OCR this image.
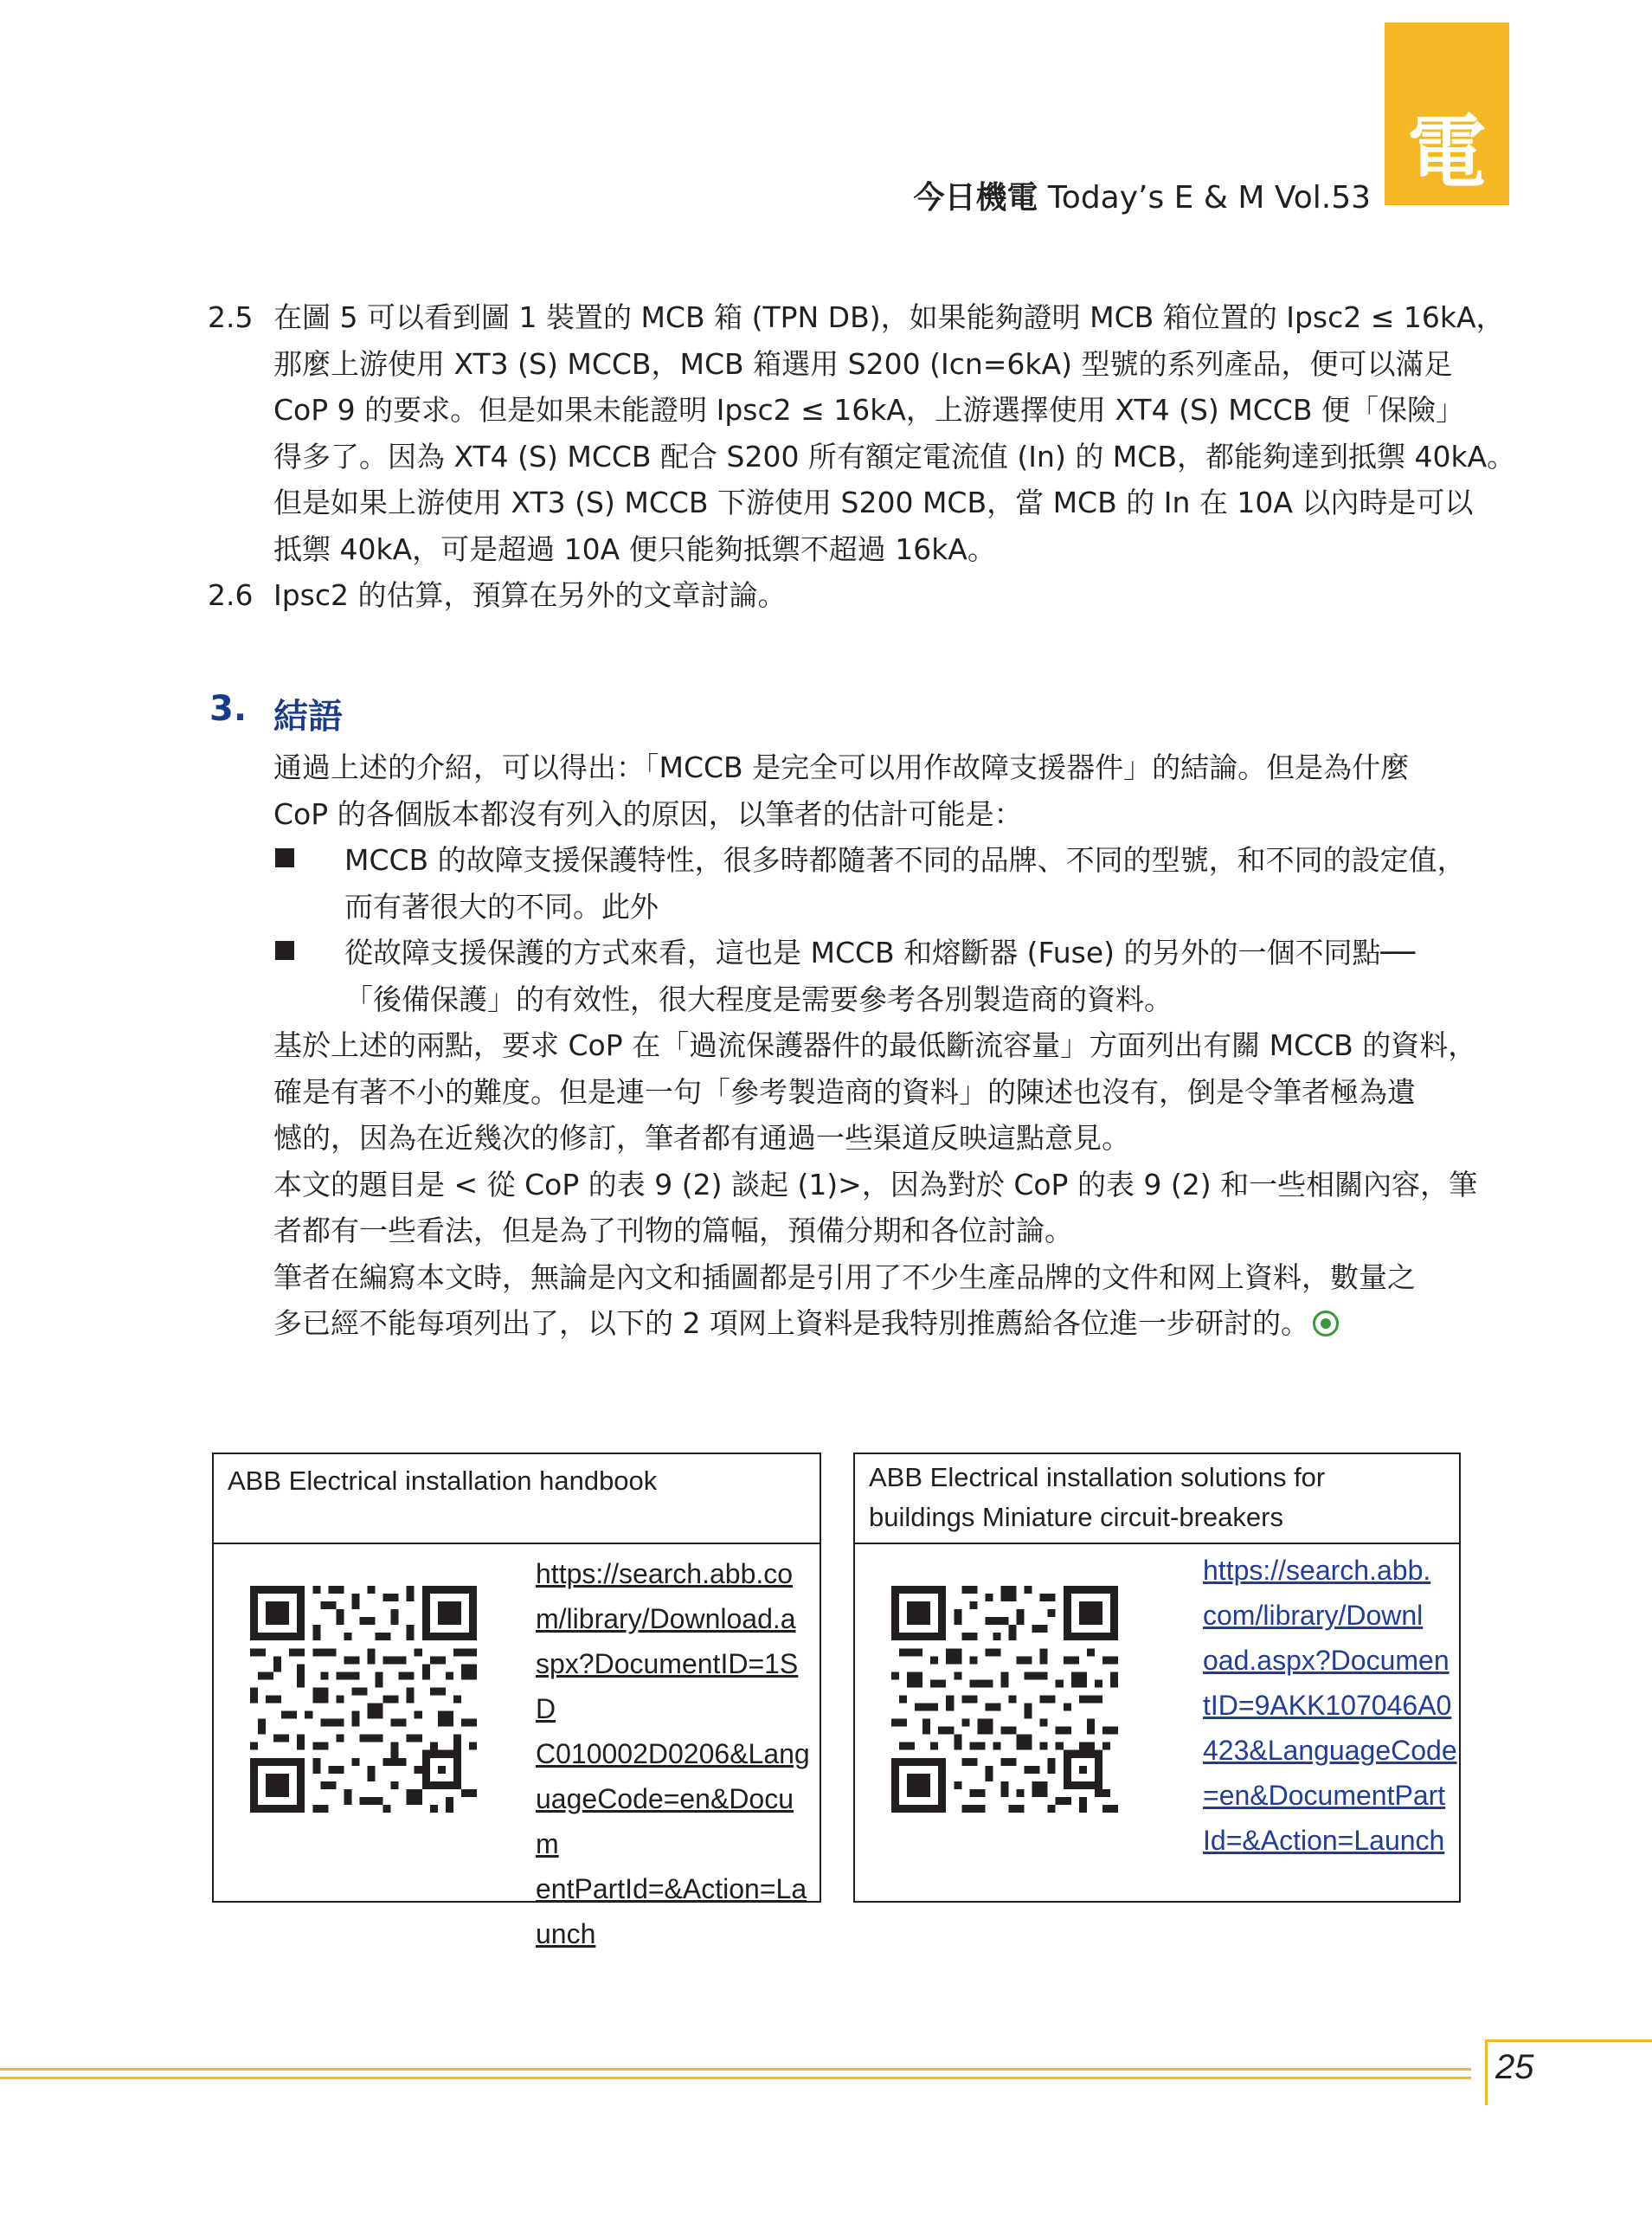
電
今日機電 Today’s E & M Vol.53
2.5 在圖 5 可以看到圖 1 裝置的 MCB 箱 (TPN DB)，如果能夠證明 MCB 箱位置的 Ipsc2 ≤ 16kA，
那麼上游使用 XT3 (S) MCCB，MCB 箱選用 S200 (Icn=6kA) 型號的系列產品，便可以滿足
CoP 9 的要求。但是如果未能證明 Ipsc2 ≤ 16kA，上游選擇使用 XT4 (S) MCCB 便「保險」
得多了。因為 XT4 (S) MCCB 配合 S200 所有額定電流值 (In) 的 MCB，都能夠達到抵禦 40kA。
但是如果上游使用 XT3 (S) MCCB 下游使用 S200 MCB，當 MCB 的 In 在 10A 以內時是可以
抵禦 40kA，可是超過 10A 便只能夠抵禦不超過 16kA。
2.6 Ipsc2 的估算，預算在另外的文章討論。
3. 結語
通過上述的介紹，可以得出：「MCCB 是完全可以用作故障支援器件」的結論。但是為什麼
CoP 的各個版本都沒有列入的原因，以筆者的估計可能是：
MCCB 的故障支援保護特性，很多時都隨著不同的品牌、不同的型號，和不同的設定值，
而有著很大的不同。此外
從故障支援保護的方式來看，這也是 MCCB 和熔斷器 (Fuse) 的另外的一個不同點──
「後備保護」的有效性，很大程度是需要參考各別製造商的資料。
基於上述的兩點，要求 CoP 在「過流保護器件的最低斷流容量」方面列出有關 MCCB 的資料，
確是有著不小的難度。但是連一句「參考製造商的資料」的陳述也沒有，倒是令筆者極為遺
憾的，因為在近幾次的修訂，筆者都有通過一些渠道反映這點意見。
本文的題目是 < 從 CoP 的表 9 (2) 談起 (1)>，因為對於 CoP 的表 9 (2) 和一些相關內容，筆
者都有一些看法，但是為了刊物的篇幅，預備分期和各位討論。
筆者在編寫本文時，無論是內文和插圖都是引用了不少生產品牌的文件和网上資料，數量之
多已經不能每項列出了，以下的 2 項网上資料是我特別推薦給各位進一步研討的。
ABB Electrical installation handbook
https://search.abb.co
m/library/Download.a
spx?DocumentID=1SD
C010002D0206&Lang
uageCode=en&Docum
entPartId=&Action=La
unch
ABB Electrical installation solutions for
buildings Miniature circuit-breakers
https://search.abb.
com/library/Downl
oad.aspx?Documen
tID=9AKK107046A0
423&LanguageCode
=en&DocumentPart
Id=&Action=Launch
25
